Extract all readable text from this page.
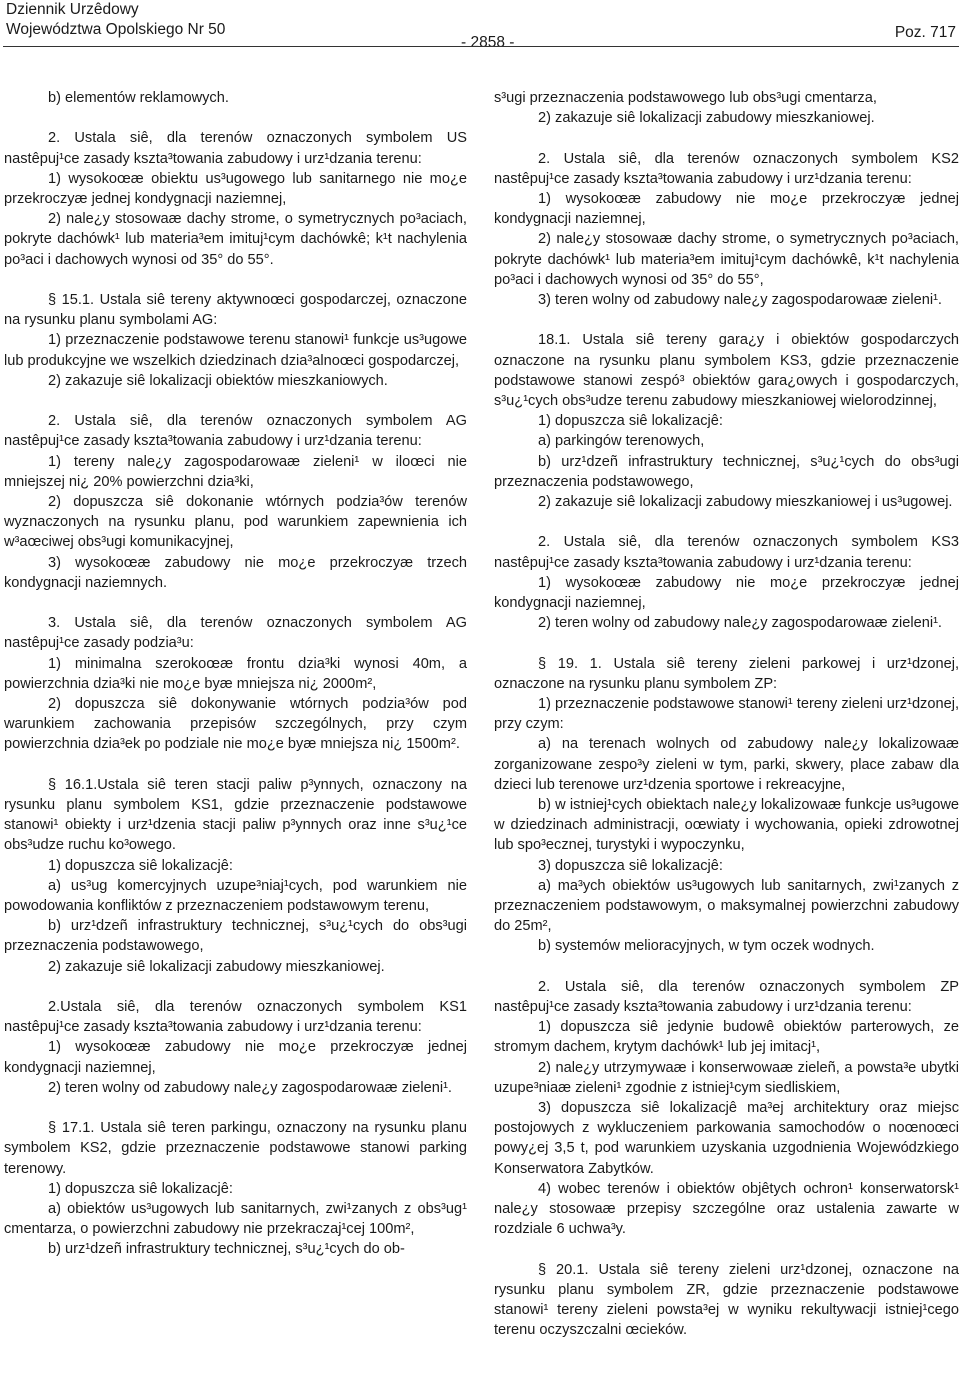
Dziennik Urzêdowy
Województwa Opolskiego Nr 50
- 2858 -
Poz. 717

b) elementów reklamowych.

2. Ustala siê, dla terenów oznaczonych symbolem US nastêpuj¹ce zasady kszta³towania zabudowy i urz¹dzania terenu:

1) wysokoœæ obiektu us³ugowego lub sanitarnego nie mo¿e przekroczyæ jednej kondygnacji naziemnej,

2) nale¿y stosowaæ dachy strome, o symetrycznych po³aciach, pokryte dachówk¹ lub materia³em imituj¹cym dachówkê; k¹t nachylenia po³aci i dachowych wynosi od 35° do 55°.

§ 15.1. Ustala siê tereny aktywnoœci gospodarczej, oznaczone na rysunku planu symbolami AG:

1) przeznaczenie podstawowe terenu stanowi¹ funkcje us³ugowe lub produkcyjne we wszelkich dziedzinach dzia³alnoœci gospodarczej,

2) zakazuje siê lokalizacji obiektów mieszkaniowych.

2. Ustala siê, dla terenów oznaczonych symbolem AG nastêpuj¹ce zasady kszta³towania zabudowy i urz¹dzania terenu:

1) tereny nale¿y zagospodarowaæ zieleni¹ w iloœci nie mniejszej ni¿ 20% powierzchni dzia³ki,

2) dopuszcza siê dokonanie wtórnych podzia³ów terenów wyznaczonych na rysunku planu, pod warunkiem zapewnienia ich w³aœciwej obs³ugi komunikacyjnej,

3) wysokoœæ zabudowy nie mo¿e przekroczyæ trzech kondygnacji naziemnych.

3. Ustala siê, dla terenów oznaczonych symbolem AG nastêpuj¹ce zasady podzia³u:

1) minimalna szerokoœæ frontu dzia³ki wynosi 40m, a powierzchnia dzia³ki nie mo¿e byæ mniejsza ni¿ 2000m²,

2) dopuszcza siê dokonywanie wtórnych podzia³ów pod warunkiem zachowania przepisów szczególnych, przy czym powierzchnia dzia³ek po podziale nie mo¿e byæ mniejsza ni¿ 1500m².

§ 16.1.Ustala siê teren stacji paliw p³ynnych, oznaczony na rysunku planu symbolem KS1, gdzie przeznaczenie podstawowe stanowi¹ obiekty i urz¹dzenia stacji paliw p³ynnych oraz inne s³u¿¹ce obs³udze ruchu ko³owego.

1) dopuszcza siê lokalizacjê:

a) us³ug komercyjnych uzupe³niaj¹cych, pod warunkiem nie powodowania konfliktów z przeznaczeniem podstawowym terenu,

b) urz¹dzeñ infrastruktury technicznej, s³u¿¹cych do obs³ugi przeznaczenia podstawowego,

2) zakazuje siê lokalizacji zabudowy mieszkaniowej.

2.Ustala siê, dla terenów oznaczonych symbolem KS1 nastêpuj¹ce zasady kszta³towania zabudowy i urz¹dzania terenu:

1) wysokoœæ zabudowy nie mo¿e przekroczyæ jednej kondygnacji naziemnej,

2) teren wolny od zabudowy nale¿y zagospodarowaæ zieleni¹.

§ 17.1. Ustala siê teren parkingu, oznaczony na rysunku planu symbolem KS2, gdzie przeznaczenie podstawowe stanowi parking terenowy.

1) dopuszcza siê lokalizacjê:

a) obiektów us³ugowych lub sanitarnych, zwi¹zanych z obs³ug¹ cmentarza, o powierzchni zabudowy nie przekraczaj¹cej 100m²,

b) urz¹dzeñ infrastruktury technicznej, s³u¿¹cych do ob-

s³ugi przeznaczenia podstawowego lub obs³ugi cmentarza,

2) zakazuje siê lokalizacji zabudowy mieszkaniowej.

2. Ustala siê, dla terenów oznaczonych symbolem KS2 nastêpuj¹ce zasady kszta³towania zabudowy i urz¹dzania terenu:

1) wysokoœæ zabudowy nie mo¿e przekroczyæ jednej kondygnacji naziemnej,

2) nale¿y stosowaæ dachy strome, o symetrycznych po³aciach, pokryte dachówk¹ lub materia³em imituj¹cym dachówkê, k¹t nachylenia po³aci i dachowych wynosi od 35° do 55°,

3) teren wolny od zabudowy nale¿y zagospodarowaæ zieleni¹.

18.1. Ustala siê tereny gara¿y i obiektów gospodarczych oznaczone na rysunku planu symbolem KS3, gdzie przeznaczenie podstawowe stanowi zespó³ obiektów gara¿owych i gospodarczych, s³u¿¹cych obs³udze terenu zabudowy mieszkaniowej wielorodzinnej,

1) dopuszcza siê lokalizacjê:

a) parkingów terenowych,

b) urz¹dzeñ infrastruktury technicznej, s³u¿¹cych do obs³ugi przeznaczenia podstawowego,

2) zakazuje siê lokalizacji zabudowy mieszkaniowej i us³ugowej.

2. Ustala siê, dla terenów oznaczonych symbolem KS3 nastêpuj¹ce zasady kszta³towania zabudowy i urz¹dzania terenu:

1) wysokoœæ zabudowy nie mo¿e przekroczyæ jednej kondygnacji naziemnej,

2) teren wolny od zabudowy nale¿y zagospodarowaæ zieleni¹.

§ 19. 1. Ustala siê tereny zieleni parkowej i urz¹dzonej, oznaczone na rysunku planu symbolem ZP:

1) przeznaczenie podstawowe stanowi¹ tereny zieleni urz¹dzonej, przy czym:

a) na terenach wolnych od zabudowy nale¿y lokalizowaæ zorganizowane zespo³y zieleni w tym, parki, skwery, place zabaw dla dzieci lub terenowe urz¹dzenia sportowe i rekreacyjne,

b) w istniej¹cych obiektach nale¿y lokalizowaæ funkcje us³ugowe w dziedzinach administracji, oœwiaty i wychowania, opieki zdrowotnej lub spo³ecznej, turystyki i wypoczynku,

3) dopuszcza siê lokalizacjê:

a) ma³ych obiektów us³ugowych lub sanitarnych, zwi¹zanych z przeznaczeniem podstawowym, o maksymalnej powierzchni zabudowy do 25m²,

b) systemów melioracyjnych, w tym oczek wodnych.

2. Ustala siê, dla terenów oznaczonych symbolem ZP nastêpuj¹ce zasady kszta³towania zabudowy i urz¹dzania terenu:

1) dopuszcza siê jedynie budowê obiektów parterowych, ze stromym dachem, krytym dachówk¹ lub jej imitacj¹,

2) nale¿y utrzymywaæ i konserwowaæ zieleñ, a powsta³e ubytki uzupe³niaæ zieleni¹ zgodnie z istniej¹cym siedliskiem,

3) dopuszcza siê lokalizacjê ma³ej architektury oraz miejsc postojowych z wykluczeniem parkowania samochodów o noœnoœci powy¿ej 3,5 t, pod warunkiem uzyskania uzgodnienia Wojewódzkiego Konserwatora Zabytków.

4) wobec terenów i obiektów objêtych ochron¹ konserwatorsk¹ nale¿y stosowaæ przepisy szczególne oraz ustalenia zawarte w rozdziale 6 uchwa³y.

§ 20.1. Ustala siê tereny zieleni urz¹dzonej, oznaczone na rysunku planu symbolem ZR, gdzie przeznaczenie podstawowe stanowi¹ tereny zieleni powsta³ej w wyniku rekultywacji istniej¹cego terenu oczyszczalni œcieków.
